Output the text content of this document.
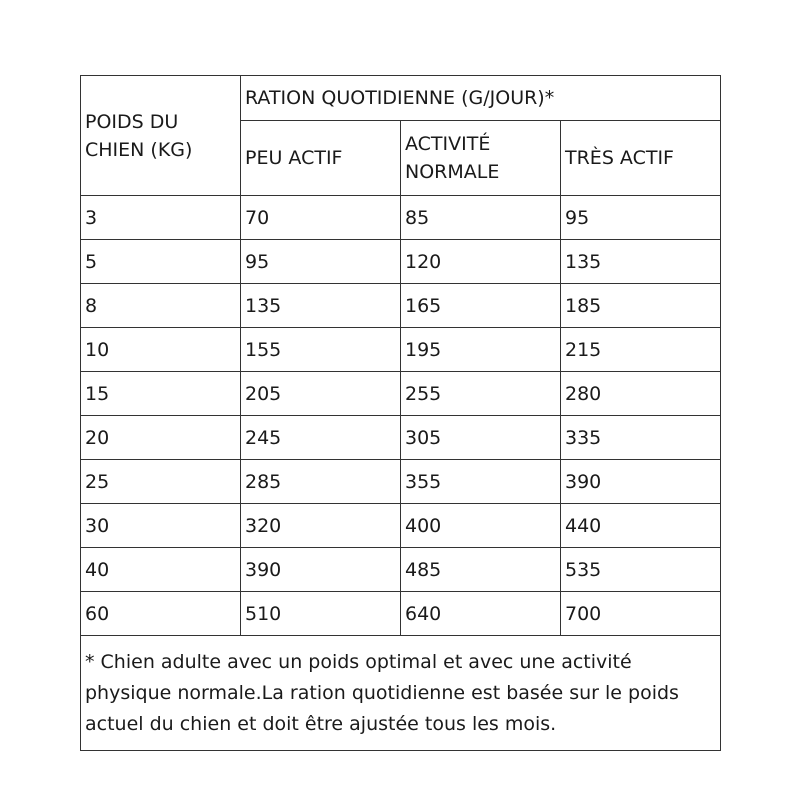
POIDS DU CHIEN (KG)	RATION QUOTIDIENNE (G/JOUR)*		
	PEU ACTIF	ACTIVITÉ NORMALE	TRÈS ACTIF
3	70	85	95
5	95	120	135
8	135	165	185
10	155	195	215
15	205	255	280
20	245	305	335
25	285	355	390
30	320	400	440
40	390	485	535
60	510	640	700
* Chien adulte avec un poids optimal et avec une activité physique normale.La ration quotidienne est basée sur le poids actuel du chien et doit être ajustée tous les mois.			
